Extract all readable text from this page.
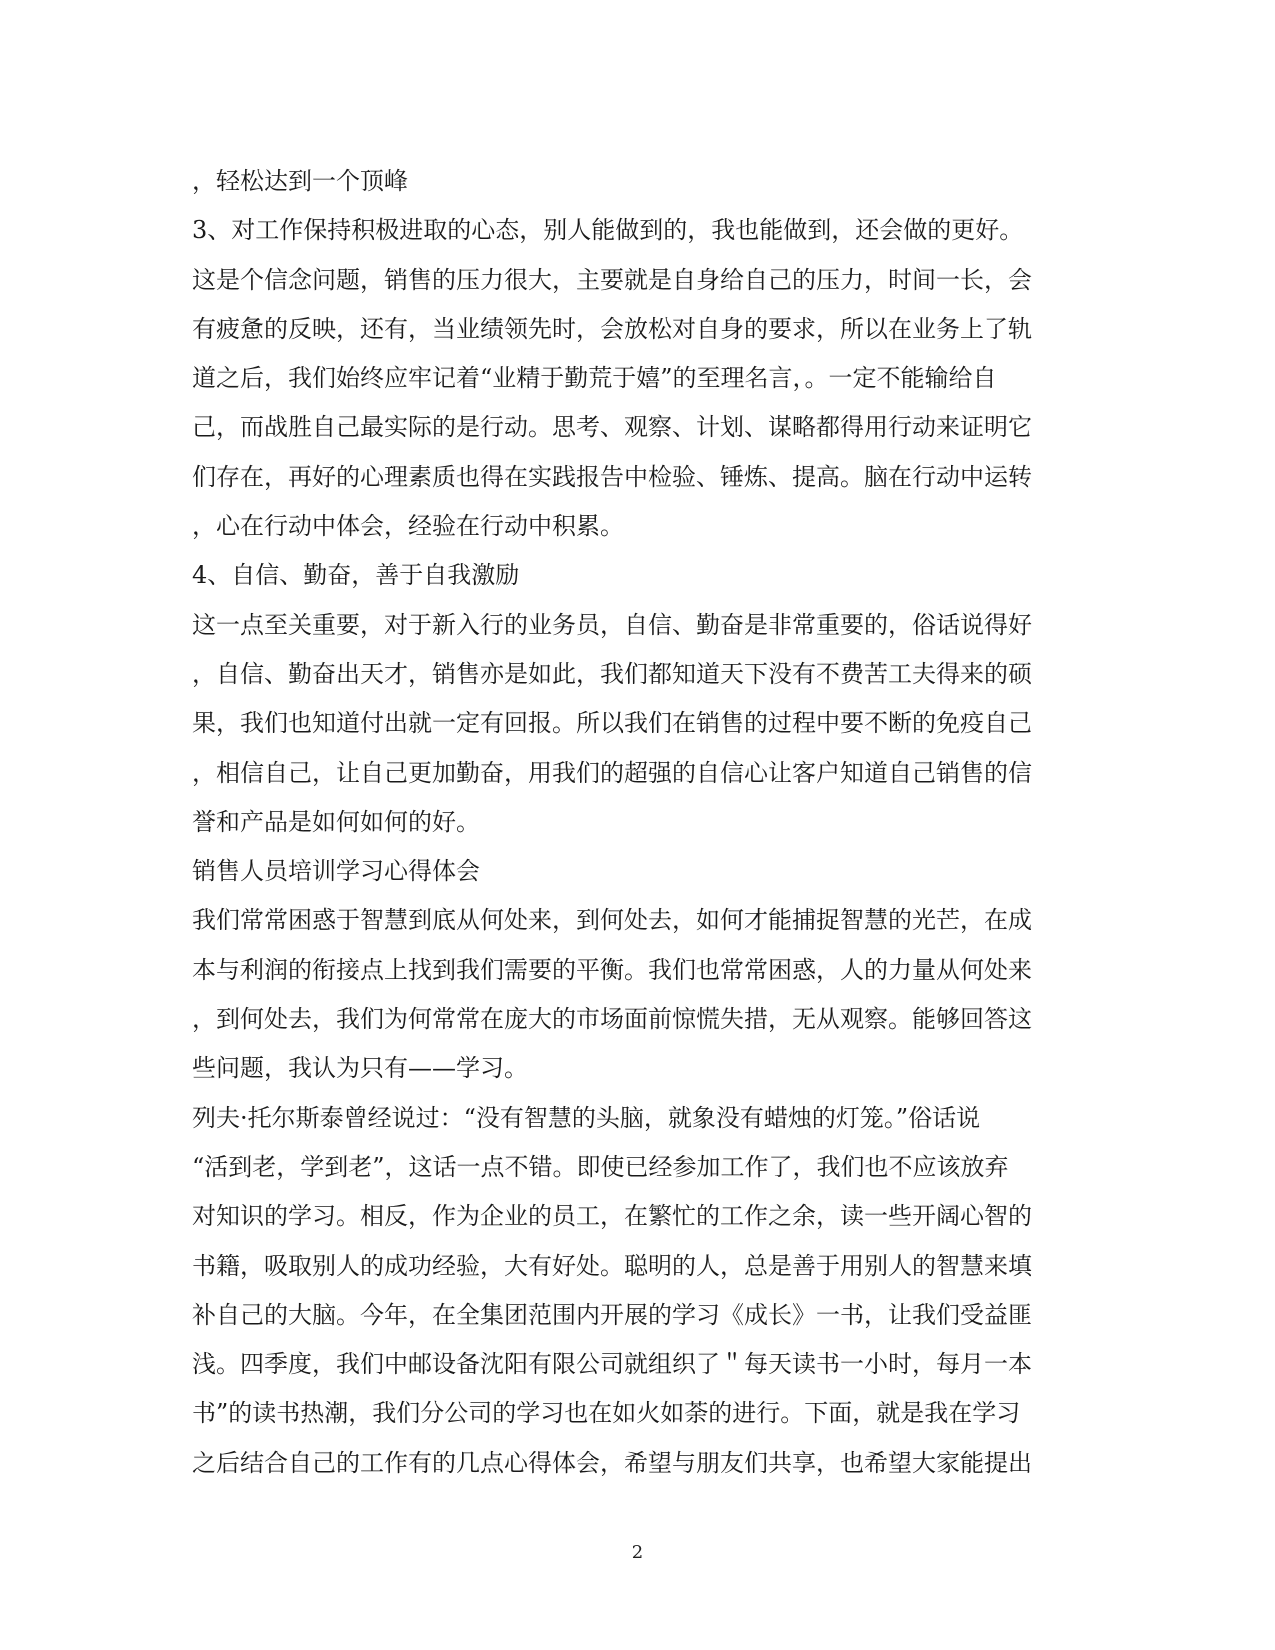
，轻松达到一个顶峰
3、对工作保持积极进取的心态，别人能做到的，我也能做到，还会做的更好。
这是个信念问题，销售的压力很大，主要就是自身给自己的压力，时间一长，会
有疲惫的反映，还有，当业绩领先时，会放松对自身的要求，所以在业务上了轨
道之后，我们始终应牢记着“业精于勤荒于嬉”的至理名言，。一定不能输给自
己，而战胜自己最实际的是行动。思考、观察、计划、谋略都得用行动来证明它
们存在，再好的心理素质也得在实践报告中检验、锤炼、提高。脑在行动中运转
，心在行动中体会，经验在行动中积累。
4、自信、勤奋，善于自我激励
这一点至关重要，对于新入行的业务员，自信、勤奋是非常重要的，俗话说得好
，自信、勤奋出天才，销售亦是如此，我们都知道天下没有不费苦工夫得来的硕
果，我们也知道付出就一定有回报。所以我们在销售的过程中要不断的免疫自己
，相信自己，让自己更加勤奋，用我们的超强的自信心让客户知道自己销售的信
誉和产品是如何如何的好。
销售人员培训学习心得体会
我们常常困惑于智慧到底从何处来，到何处去，如何才能捕捉智慧的光芒，在成
本与利润的衔接点上找到我们需要的平衡。我们也常常困惑，人的力量从何处来
，到何处去，我们为何常常在庞大的市场面前惊慌失措，无从观察。能够回答这
些问题，我认为只有——学习。
列夫·托尔斯泰曾经说过：“没有智慧的头脑，就象没有蜡烛的灯笼。”俗话说
“活到老，学到老”，这话一点不错。即使已经参加工作了，我们也不应该放弃
对知识的学习。相反，作为企业的员工，在繁忙的工作之余，读一些开阔心智的
书籍，吸取别人的成功经验，大有好处。聪明的人，总是善于用别人的智慧来填
补自己的大脑。今年，在全集团范围内开展的学习《成长》一书，让我们受益匪
浅。四季度，我们中邮设备沈阳有限公司就组织了＂每天读书一小时，每月一本
书”的读书热潮，我们分公司的学习也在如火如荼的进行。下面，就是我在学习
之后结合自己的工作有的几点心得体会，希望与朋友们共享，也希望大家能提出
2
